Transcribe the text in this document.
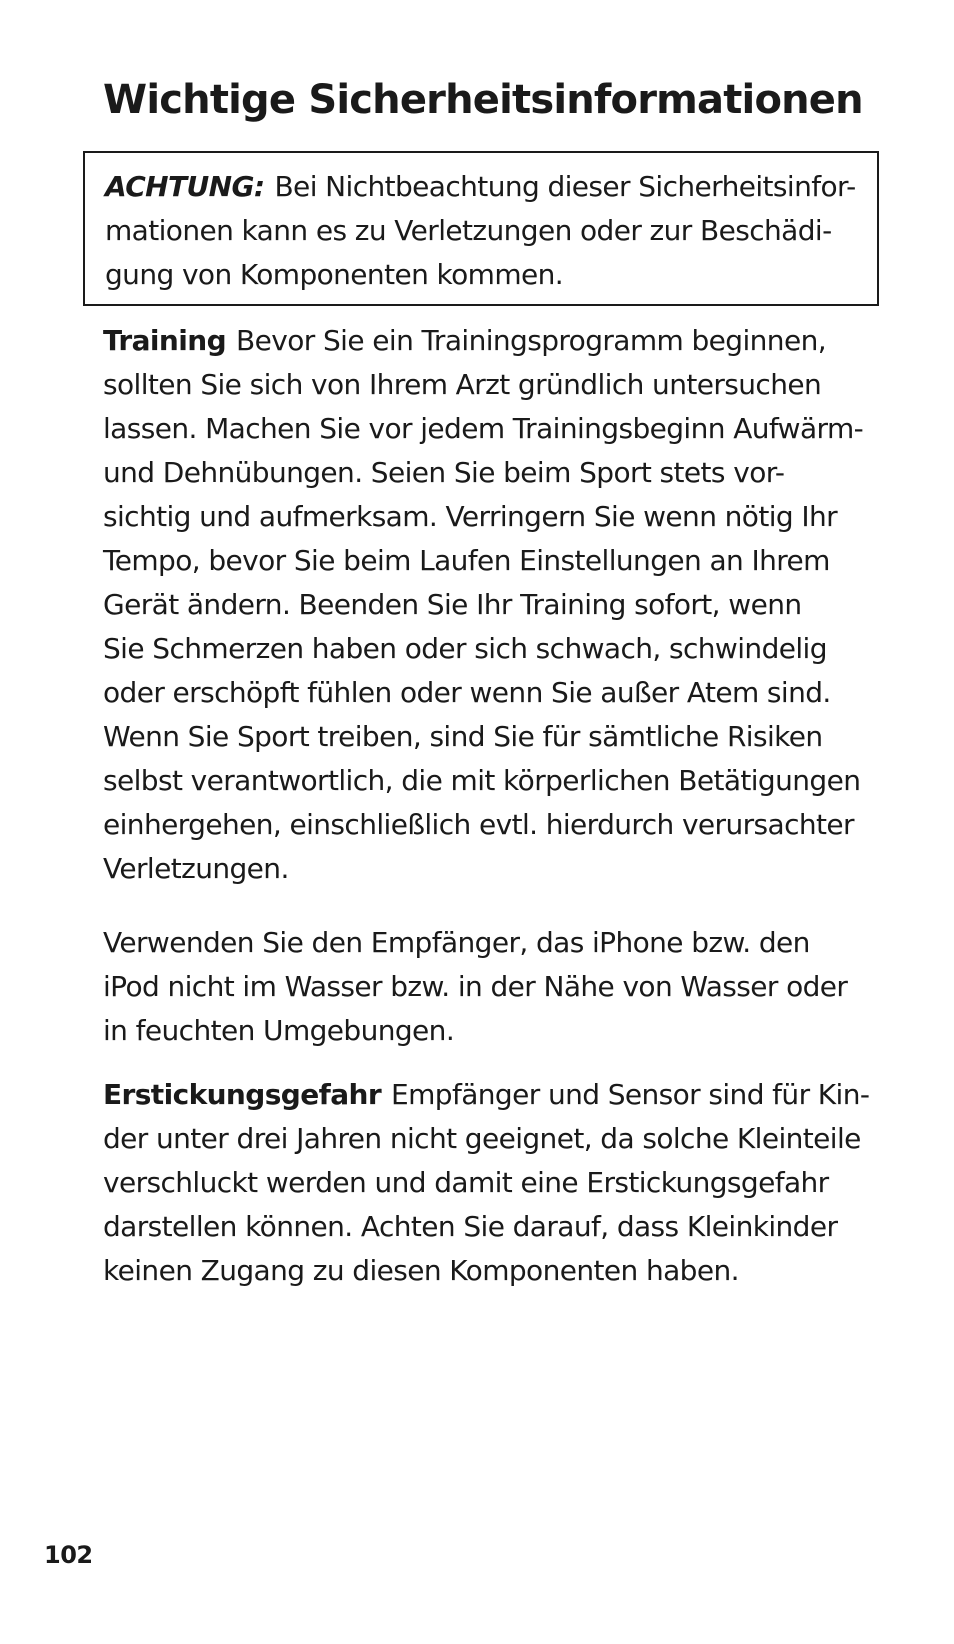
Wichtige Sicherheitsinformationen

ACHTUNG: Bei Nichtbeachtung dieser Sicherheitsinfor-
mationen kann es zu Verletzungen oder zur Beschädi-
gung von Komponenten kommen.

Training Bevor Sie ein Trainingsprogramm beginnen,
sollten Sie sich von Ihrem Arzt gründlich untersuchen
lassen. Machen Sie vor jedem Trainingsbeginn Aufwärm-
und Dehnübungen. Seien Sie beim Sport stets vor-
sichtig und aufmerksam. Verringern Sie wenn nötig Ihr
Tempo, bevor Sie beim Laufen Einstellungen an Ihrem
Gerät ändern. Beenden Sie Ihr Training sofort, wenn
Sie Schmerzen haben oder sich schwach, schwindelig
oder erschöpft fühlen oder wenn Sie außer Atem sind.
Wenn Sie Sport treiben, sind Sie für sämtliche Risiken
selbst verantwortlich, die mit körperlichen Betätigungen
einhergehen, einschließlich evtl. hierdurch verursachter
Verletzungen.

Verwenden Sie den Empfänger, das iPhone bzw. den
iPod nicht im Wasser bzw. in der Nähe von Wasser oder
in feuchten Umgebungen.

Erstickungsgefahr Empfänger und Sensor sind für Kin-
der unter drei Jahren nicht geeignet, da solche Kleinteile
verschluckt werden und damit eine Erstickungsgefahr
darstellen können. Achten Sie darauf, dass Kleinkinder
keinen Zugang zu diesen Komponenten haben.

102
